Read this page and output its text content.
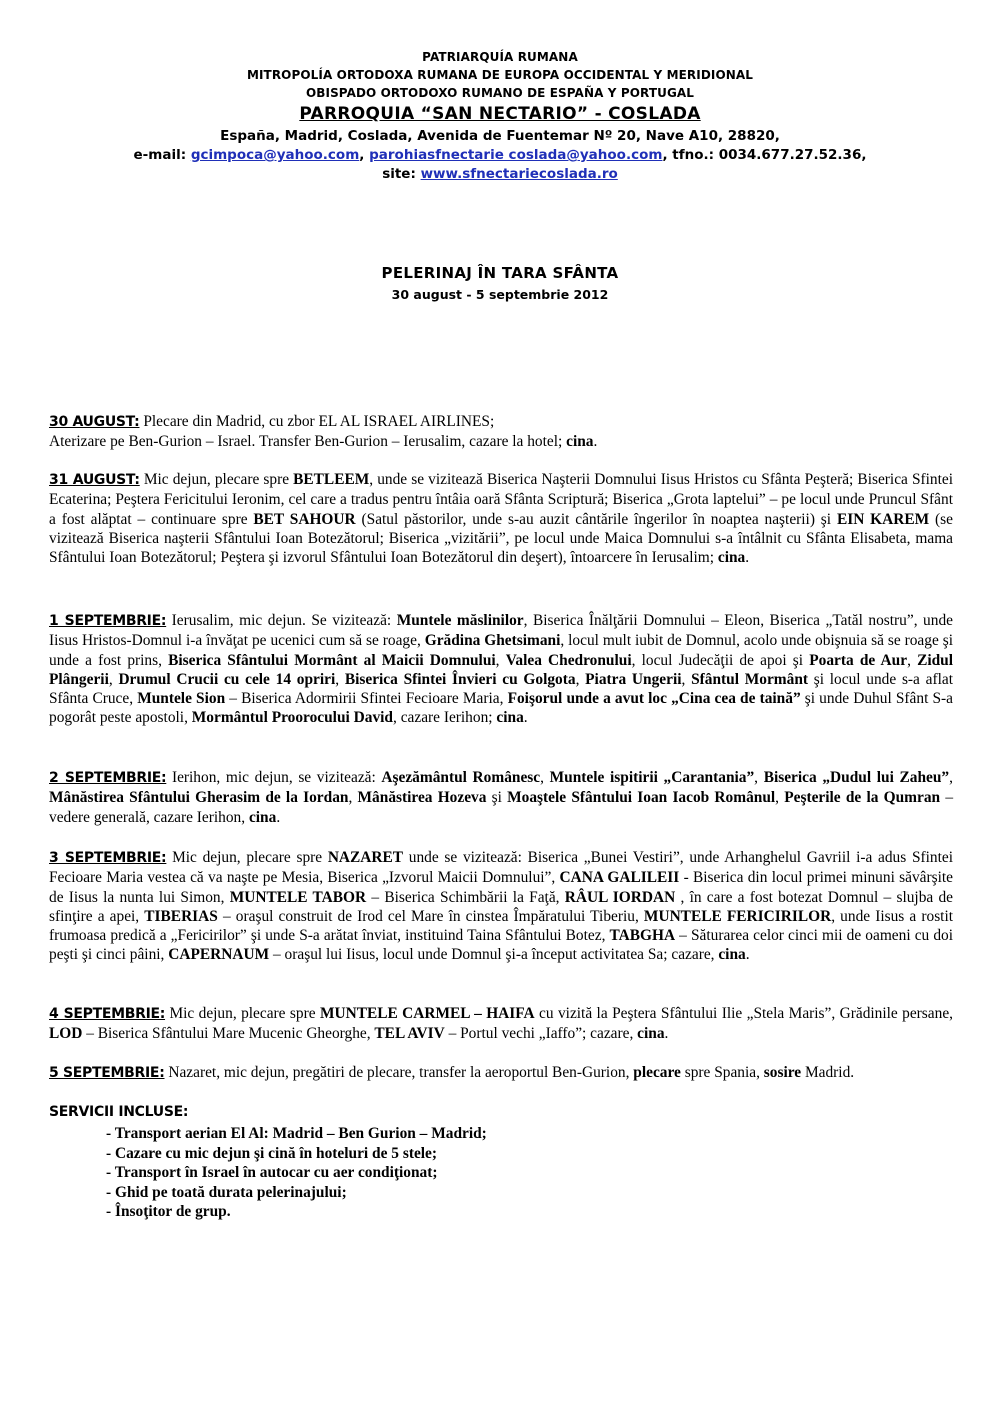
PATRIARQUÍA RUMANA
MITROPOLÍA ORTODOXA RUMANA DE EUROPA OCCIDENTAL Y MERIDIONAL
OBISPADO ORTODOXO RUMANO DE ESPAÑA Y PORTUGAL
PARROQUIA “SAN NECTARIO” - COSLADA
España, Madrid, Coslada, Avenida de Fuentemar Nº 20, Nave A10, 28820,
e-mail: gcimpoca@yahoo.com, parohiasfnectarie coslada@yahoo.com, tfno.: 0034.677.27.52.36,
site: www.sfnectariecoslada.ro
PELERINAJ ÎN TARA SFÂNTA
30 august - 5 septembrie 2012
30 AUGUST: Plecare din Madrid, cu zbor EL AL ISRAEL AIRLINES;
Aterizare pe Ben-Gurion – Israel. Transfer Ben-Gurion – Ierusalim, cazare la hotel; cina.
31 AUGUST: Mic dejun, plecare spre BETLEEM, unde se vizitează Biserica Naşterii Domnului Iisus Hristos cu Sfânta Peşteră; Biserica Sfintei Ecaterina; Peştera Fericitului Ieronim, cel care a tradus pentru întâia oară Sfânta Scriptură; Biserica „Grota laptelui” – pe locul unde Pruncul Sfânt a fost alăptat – continuare spre BET SAHOUR (Satul păstorilor, unde s-au auzit cântările îngerilor în noaptea naşterii) şi EIN KAREM (se vizitează Biserica naşterii Sfântului Ioan Botezătorul; Biserica „vizitării”, pe locul unde Maica Domnului s-a întâlnit cu Sfânta Elisabeta, mama Sfântului Ioan Botezătorul; Peştera şi izvorul Sfântului Ioan Botezătorul din deşert), întoarcere în Ierusalim; cina.
1 SEPTEMBRIE: Ierusalim, mic dejun. Se vizitează: Muntele măslinilor, Biserica Înălţării Domnului – Eleon, Biserica „Tatăl nostru”, unde Iisus Hristos-Domnul i-a învăţat pe ucenici cum să se roage, Grădina Ghetsimani, locul mult iubit de Domnul, acolo unde obişnuia să se roage şi unde a fost prins, Biserica Sfântului Mormânt al Maicii Domnului, Valea Chedronului, locul Judecăţii de apoi şi Poarta de Aur, Zidul Plângerii, Drumul Crucii cu cele 14 opriri, Biserica Sfintei Învieri cu Golgota, Piatra Ungerii, Sfântul Mormânt şi locul unde s-a aflat Sfânta Cruce, Muntele Sion – Biserica Adormirii Sfintei Fecioare Maria, Foişorul unde a avut loc „Cina cea de taină” şi unde Duhul Sfânt S-a pogorât peste apostoli, Mormântul Proorocului David, cazare Ierihon; cina.
2 SEPTEMBRIE: Ierihon, mic dejun, se vizitează: Aşezământul Românesc, Muntele ispitirii „Carantania”, Biserica „Dudul lui Zaheu”, Mânăstirea Sfântului Gherasim de la Iordan, Mânăstirea Hozeva şi Moaştele Sfântului Ioan Iacob Românul, Peşterile de la Qumran – vedere generală, cazare Ierihon, cina.
3 SEPTEMBRIE: Mic dejun, plecare spre NAZARET unde se vizitează: Biserica „Bunei Vestiri”, unde Arhanghelul Gavriil i-a adus Sfintei Fecioare Maria vestea că va naşte pe Mesia, Biserica „Izvorul Maicii Domnului”, CANA GALILEII - Biserica din locul primei minuni săvârşite de Iisus la nunta lui Simon, MUNTELE TABOR – Biserica Schimbării la Faţă, RÂUL IORDAN , în care a fost botezat Domnul – slujba de sfinţire a apei, TIBERIAS – oraşul construit de Irod cel Mare în cinstea Împăratului Tiberiu, MUNTELE FERICIRILOR, unde Iisus a rostit frumoasa predică a „Fericirilor” şi unde S-a arătat înviat, instituind Taina Sfântului Botez, TABGHA – Săturarea celor cinci mii de oameni cu doi peşti şi cinci pâini, CAPERNAUM – oraşul lui Iisus, locul unde Domnul şi-a început activitatea Sa; cazare, cina.
4 SEPTEMBRIE: Mic dejun, plecare spre MUNTELE CARMEL – HAIFA cu vizită la Peştera Sfântului Ilie „Stela Maris”, Grădinile persane, LOD – Biserica Sfântului Mare Mucenic Gheorghe, TEL AVIV – Portul vechi „Iaffo”; cazare, cina.
5 SEPTEMBRIE: Nazaret, mic dejun, pregătiri de plecare, transfer la aeroportul Ben-Gurion, plecare spre Spania, sosire Madrid.
SERVICII INCLUSE:
- Transport aerian El Al: Madrid – Ben Gurion – Madrid;
- Cazare cu mic dejun şi cină în hoteluri de 5 stele;
- Transport în Israel în autocar cu aer condiţionat;
- Ghid pe toată durata pelerinajului;
- Însoţitor de grup.
